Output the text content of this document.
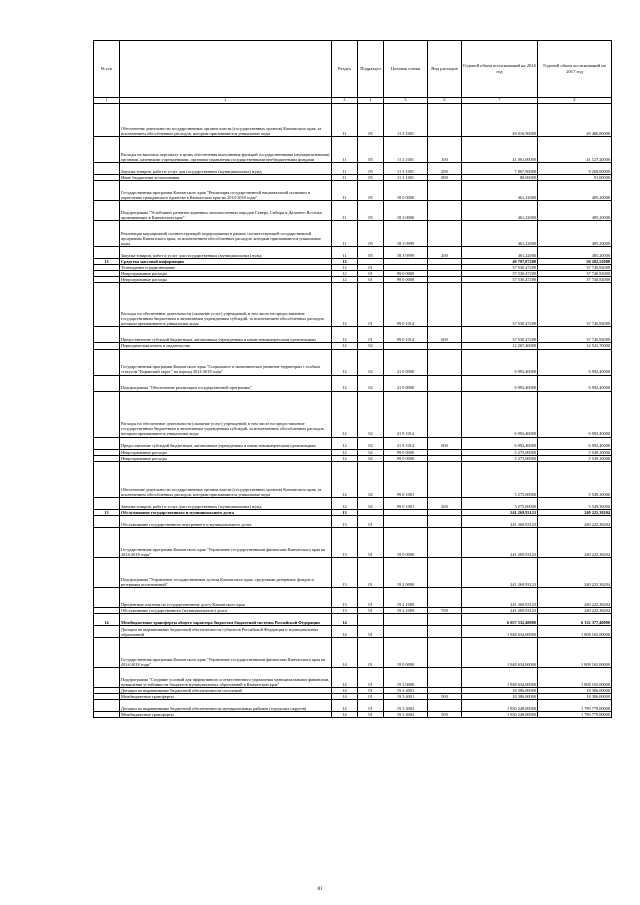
№ п/п		Раздел	Подраздел	Целевая статья	Вид расходов	Годовой объем ассигнований на 2016 год	Годовой объем ассигнований на 2017 год
1	2	3	4	5	6	7	8
	Обеспечение деятельности государственных органов власти (государственных органов) Камчатского края, за исключением обособленных расходов, которым присваиваются уникальные коды	11	05	11 3 1001		49 016,90000	49 486,80000
	Расходы на выплаты персоналу в целях обеспечения выполнения функций государственными (муниципальными) органами, казенными учреждениями, органами управления государственными внебюджетными фондами	11	05	11 3 1001	100	41 061,00000	41 127,20000
	Закупка товаров, работ и услуг для государственных (муниципальных) нужд	11	05	11 3 1001	200	7 867,90000	8 268,60000
	Иные бюджетные ассигнования	11	05	11 3 1001	800	88,00000	91,00000
	Государственная программа Камчатского края "Реализация государственной национальной политики и укрепление гражданского единства в Камчатском крае на 2014-2018 годы"	11	05	18 0 0000		461,22000	485,20000
	Подпрограмма "Устойчивое развитие коренных малочисленных народов Севера, Сибири и Дальнего Востока, проживающих в Камчатском крае"	11	05	18 3 0000		461,22000	485,20000
	Реализация мероприятий соответствующей подпрограммы в рамках соответствующей государственной программы Камчатского края, за исключением обособленных расходов, которым присваиваются уникальные коды	11	05	18 3 0999		461,22000	485,20000
	Закупка товаров, работ и услуг для государственных (муниципальных) нужд	11	05	18 3 0999	200	461,22000	485,20000
12	Средства массовой информации	12				49 797,87200	50 282,52000
	Телевидение и радиовещание	12	01			37 530,47200	37 740,82000
	Непрограммные расходы	12	01	99 0 0000		37 530,47200	37 740,82000
	Непрограммные расходы	12	01	99 0 0000		37 530,47200	37 740,82000
	Расходы на обеспечение деятельности (оказание услуг) учреждений, в том числе на предоставление государственным бюджетным и автономным учреждениям субсидий, за исключением обособленных расходов, которым присваиваются уникальные коды	12	01	99 0 1014		37 530,47200	37 740,82000
	Предоставление субсидий бюджетным, автономным учреждениям и иным некоммерческим организациям	12	01	99 0 1014	600	37 530,47200	37 740,82000
	Периодическая печать и издательства	12	02			12 267,40000	12 541,70000
	Государственная программа Камчатского края "Социальное и экономическое развитие территории с особым статусом "Корякский округ" на период 2014-2018 годы"	12	02	21 0 0000		6 992,40000	6 992,40000
	Подпрограмма "Обеспечение реализации государственной программы"	12	02	21 9 0000		6 992,40000	6 992,40000
	Расходы на обеспечение деятельности (оказание услуг) учреждений, в том числе на предоставление государственным бюджетным и автономным учреждениям субсидий, за исключением обособленных расходов, которым присваиваются уникальные коды	12	02	21 9 1014		6 992,40000	6 992,40000
	Предоставление субсидий бюджетным, автономным учреждениям и иным некоммерческим организациям	12	02	21 9 1014	600	6 992,40000	6 992,40000
	Непрограммные расходы	12	02	99 0 0000		5 275,00000	5 549,30000
	Непрограммные расходы	12	02	99 0 0000		5 275,00000	5 549,30000
	Обеспечение деятельности государственных органов власти (государственных органов) Камчатского края, за исключением обособленных расходов, которым присваиваются уникальные коды	12	02	99 0 1001		5 275,00000	5 549,30000
	Закупка товаров, работ и услуг для государственных (муниципальных) нужд	12	02	99 0 1001	200	5 275,00000	5 549,30000
13	Обслуживание государственного и муниципального долга	13				241 269,93123	240 225,38204
	Обслуживание государственного внутреннего и муниципального долга	13	01			241 269,93123	240 225,38204
	Государственная программа Камчатского края "Управление государственными финансами Камчатского края на 2014-2018 годы"	13	01	19 0 0000		241 269,93123	240 225,38204
	Подпрограмма "Управление государственным долгом Камчатского края, средствами резервных фондов и резервами ассигнований"	13	01	19 2 0000		241 269,93123	240 225,38204
	Процентные платежи по государственному долгу Камчатского края	13	01	19 2 1009		241 269,93123	240 225,38204
	Обслуживание государственного (муниципального) долга	13	01	19 2 1009	700	241 269,93123	240 225,38204
14	Межбюджетные трансферты общего характера бюджетам бюджетной системы Российской Федерации	14				6 057 532,40000	6 132 377,40000
	Дотации на выравнивание бюджетной обеспеченности субъектов Российской Федерации и муниципальных образований	14	01			1 848 634,00000	1 808 165,00000
	Государственная программа Камчатского края "Управление государственными финансами Камчатского края на 2014-2018 годы"	14	01	19 0 0000		1 848 634,00000	1 808 165,00000
	Подпрограмма "Создание условий для эффективного и ответственного управления муниципальными финансами, повышения устойчивости бюджетов муниципальных образований в Камчатском крае"	14	01	19 3 0000		1 848 634,00000	1 808 165,00000
	Дотации на выравнивание бюджетной обеспеченности поселений	14	01	19 3 4001		18 386,00000	18 386,00000
	Межбюджетные трансферты	14	01	19 3 4001	500	18 386,00000	18 386,00000
	Дотации на выравнивание бюджетной обеспеченности муниципальных районов (городских округов)	14	01	19 3 4002		1 830 248,00000	1 789 779,00000
	Межбюджетные трансферты	14	01	19 3 4002	500	1 830 248,00000	1 789 779,00000
81
